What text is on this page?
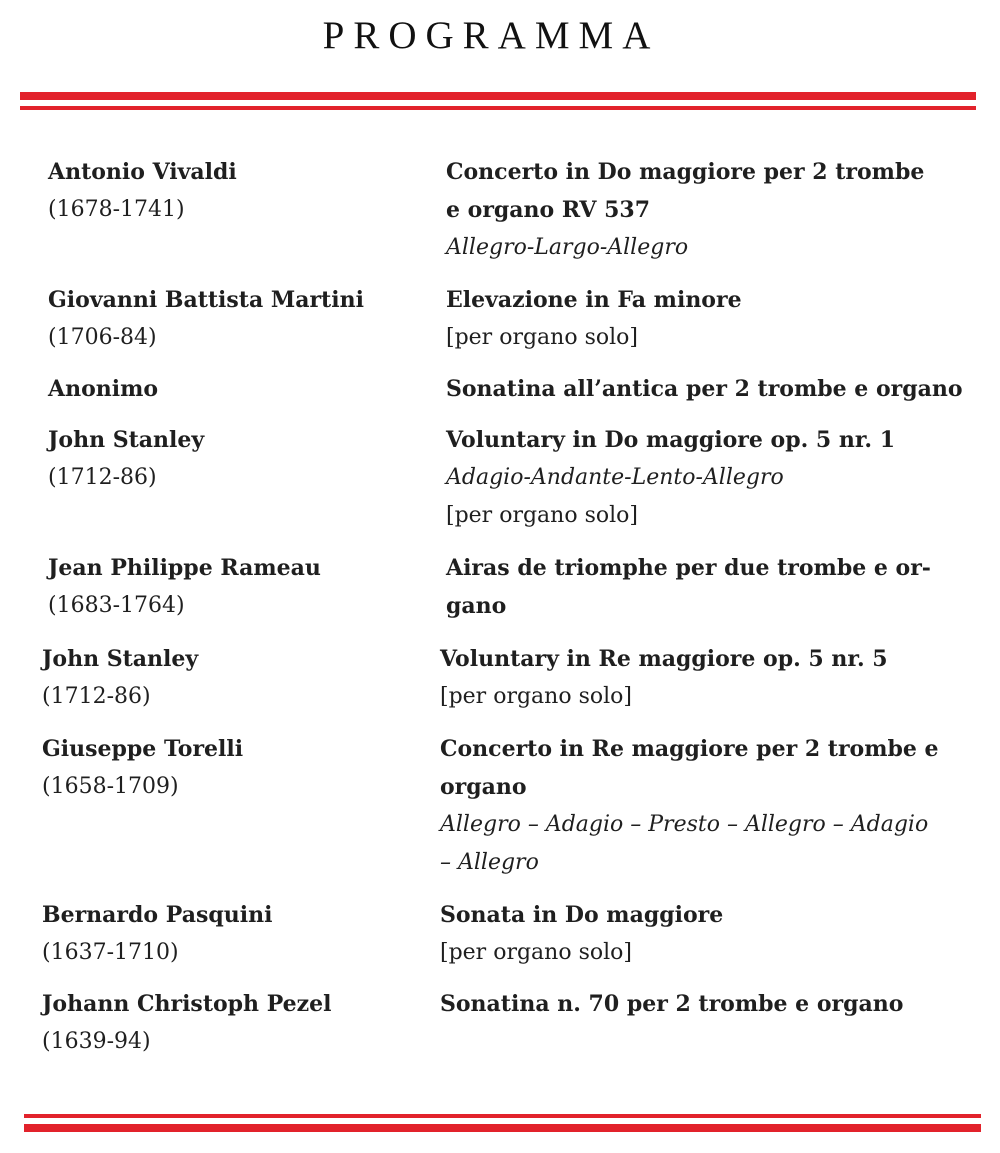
PROGRAMMA
Antonio Vivaldi
(1678-1741)
Concerto in Do maggiore per 2 trombe
e organo RV 537
Allegro-Largo-Allegro
Giovanni Battista Martini
(1706-84)
Elevazione in Fa minore
[per organo solo]
Anonimo	Sonatina all’antica per 2 trombe e organo
John Stanley
(1712-86)
Voluntary in Do maggiore op. 5 nr. 1
Adagio-Andante-Lento-Allegro
[per organo solo]
Jean Philippe Rameau
(1683-1764)
Airas de triomphe per due trombe e or-
gano
John Stanley
(1712-86)
Voluntary in Re maggiore op. 5 nr. 5
[per organo solo]
Giuseppe Torelli
(1658-1709)
Concerto in Re maggiore per 2 trombe e
organo
Allegro – Adagio – Presto – Allegro – Adagio
– Allegro
Bernardo Pasquini
(1637-1710)
Sonata in Do maggiore
[per organo solo]
Johann Christoph Pezel
(1639-94)
Sonatina n. 70 per 2 trombe e organo
